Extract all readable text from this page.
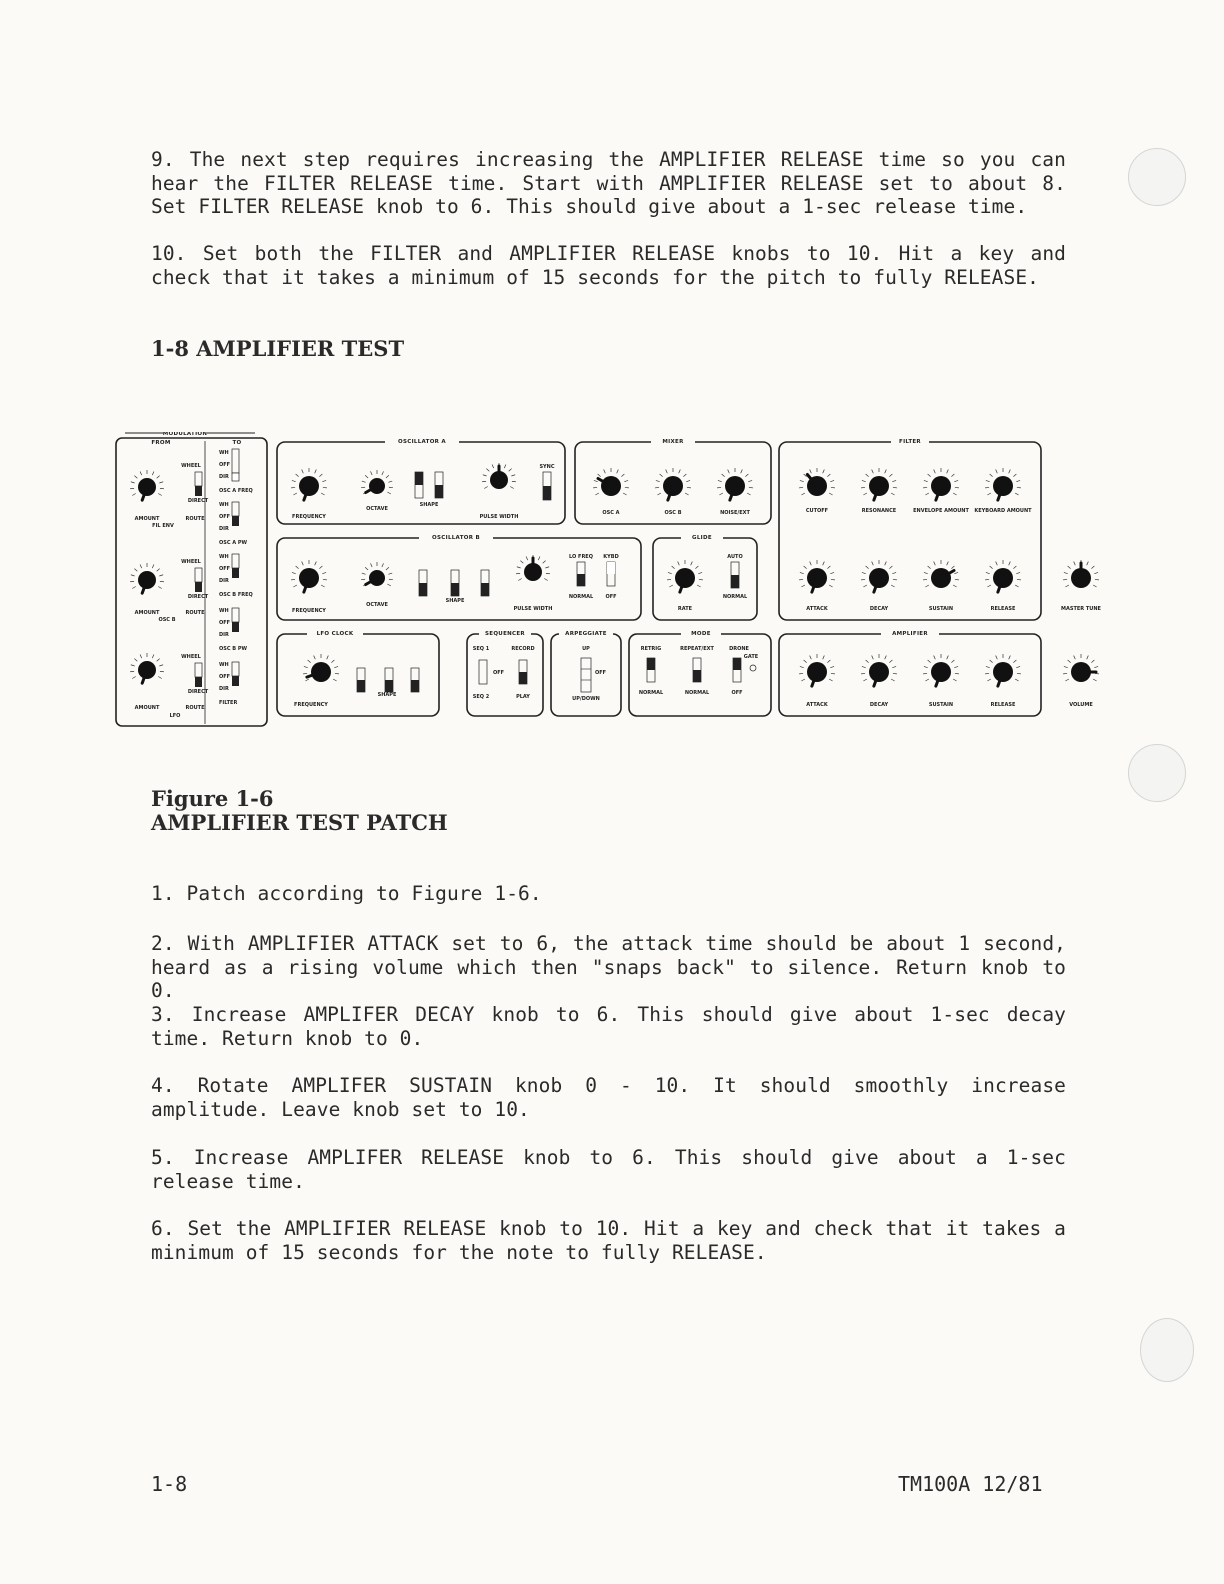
9. The next step requires increasing the AMPLIFIER RELEASE time so you can hear the FILTER RELEASE time. Start with AMPLIFIER RELEASE set to about 8. Set FILTER RELEASE knob to 6. This should give about a 1-sec release time.

10. Set both the FILTER and AMPLIFIER RELEASE knobs to 10. Hit a key and check that it takes a minimum of 15 seconds for the pitch to fully RELEASE.

1-8 AMPLIFIER TEST
MODULATION
FROM	TO
WHEEL
DIRECT
AMOUNT	ROUTE
FIL ENV
WHEEL
DIRECT
AMOUNT	ROUTE
OSC B
WHEEL
DIRECT
AMOUNT	ROUTE
LFO
WH
OFF
DIR
OSC A FREQ
WH
OFF
DIR
OSC A PW
WH
OFF
DIR
OSC B FREQ
WH
OFF
DIR
OSC B PW
WH
OFF
DIR
FILTER
OSCILLATOR A
FREQUENCY
OCTAVE
SHAPE
PULSE WIDTH
SYNC
OSCILLATOR B
FREQUENCY
OCTAVE
SHAPE
PULSE WIDTH
LO FREQ KYBD
NORMAL OFF
MIXER
OSC A	OSC B	NOISE/EXT
GLIDE
RATE
AUTO
NORMAL
LFO CLOCK
FREQUENCY
SHAPE
SEQUENCER
SEQ 1	RECORD
OFF
SEQ 2	PLAY
ARPEGGIATE
UP
OFF
UP/DOWN
MODE
RETRIG	REPEAT/EXT	DRONE
GATE
NORMAL	NORMAL	OFF
FILTER
CUTOFF	RESONANCE	ENVELOPE AMOUNT KEYBOARD AMOUNT
ATTACK	DECAY	SUSTAIN	RELEASE
AMPLIFIER
ATTACK	DECAY	SUSTAIN	RELEASE
MASTER TUNE
VOLUME
Figure 1-6
AMPLIFIER TEST PATCH

1. Patch according to Figure 1-6.

2. With AMPLIFIER ATTACK set to 6, the attack time should be about 1 second, heard as a rising volume which then "snaps back" to silence. Return knob to 0.

3. Increase AMPLIFER DECAY knob to 6. This should give about 1-sec decay time. Return knob to 0.

4. Rotate AMPLIFER SUSTAIN knob 0 - 10. It should smoothly increase amplitude. Leave knob set to 10.

5. Increase AMPLIFER RELEASE knob to 6. This should give about a 1-sec release time.

6. Set the AMPLIFIER RELEASE knob to 10. Hit a key and check that it takes a minimum of 15 seconds for the note to fully RELEASE.

1-8	TM100A 12/81
